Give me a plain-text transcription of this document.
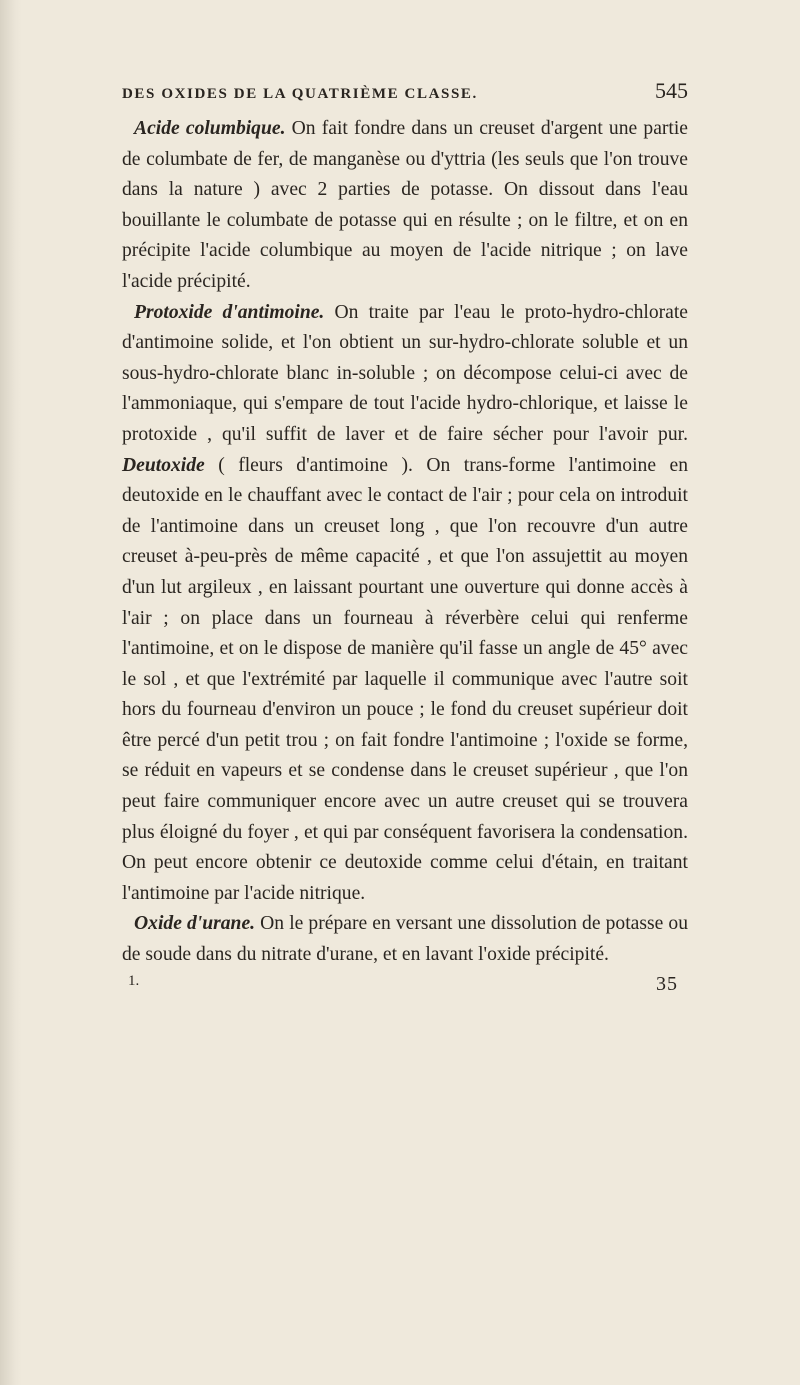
DES OXIDES DE LA QUATRIÈME CLASSE.	545

Acide columbique. On fait fondre dans un creuset d'argent une partie de columbate de fer, de manganèse ou d'yttria (les seuls que l'on trouve dans la nature ) avec 2 parties de potasse. On dissout dans l'eau bouillante le columbate de potasse qui en résulte ; on le filtre, et on en précipite l'acide columbique au moyen de l'acide nitrique ; on lave l'acide précipité.

Protoxide d'antimoine. On traite par l'eau le proto-hydro-chlorate d'antimoine solide, et l'on obtient un sur-hydro-chlorate soluble et un sous-hydro-chlorate blanc in-soluble ; on décompose celui-ci avec de l'ammoniaque, qui s'empare de tout l'acide hydro-chlorique, et laisse le protoxide , qu'il suffit de laver et de faire sécher pour l'avoir pur. Deutoxide ( fleurs d'antimoine ). On trans-forme l'antimoine en deutoxide en le chauffant avec le contact de l'air ; pour cela on introduit de l'antimoine dans un creuset long , que l'on recouvre d'un autre creuset à-peu-près de même capacité , et que l'on assujettit au moyen d'un lut argileux , en laissant pourtant une ouverture qui donne accès à l'air ; on place dans un fourneau à réverbère celui qui renferme l'antimoine, et on le dispose de manière qu'il fasse un angle de 45° avec le sol , et que l'extrémité par laquelle il communique avec l'autre soit hors du fourneau d'environ un pouce ; le fond du creuset supérieur doit être percé d'un petit trou ; on fait fondre l'antimoine ; l'oxide se forme, se réduit en vapeurs et se condense dans le creuset supérieur , que l'on peut faire communiquer encore avec un autre creuset qui se trouvera plus éloigné du foyer , et qui par conséquent favorisera la condensation. On peut encore obtenir ce deutoxide comme celui d'étain, en traitant l'antimoine par l'acide nitrique.

Oxide d'urane. On le prépare en versant une dissolution de potasse ou de soude dans du nitrate d'urane, et en lavant l'oxide précipité.

1.	35
